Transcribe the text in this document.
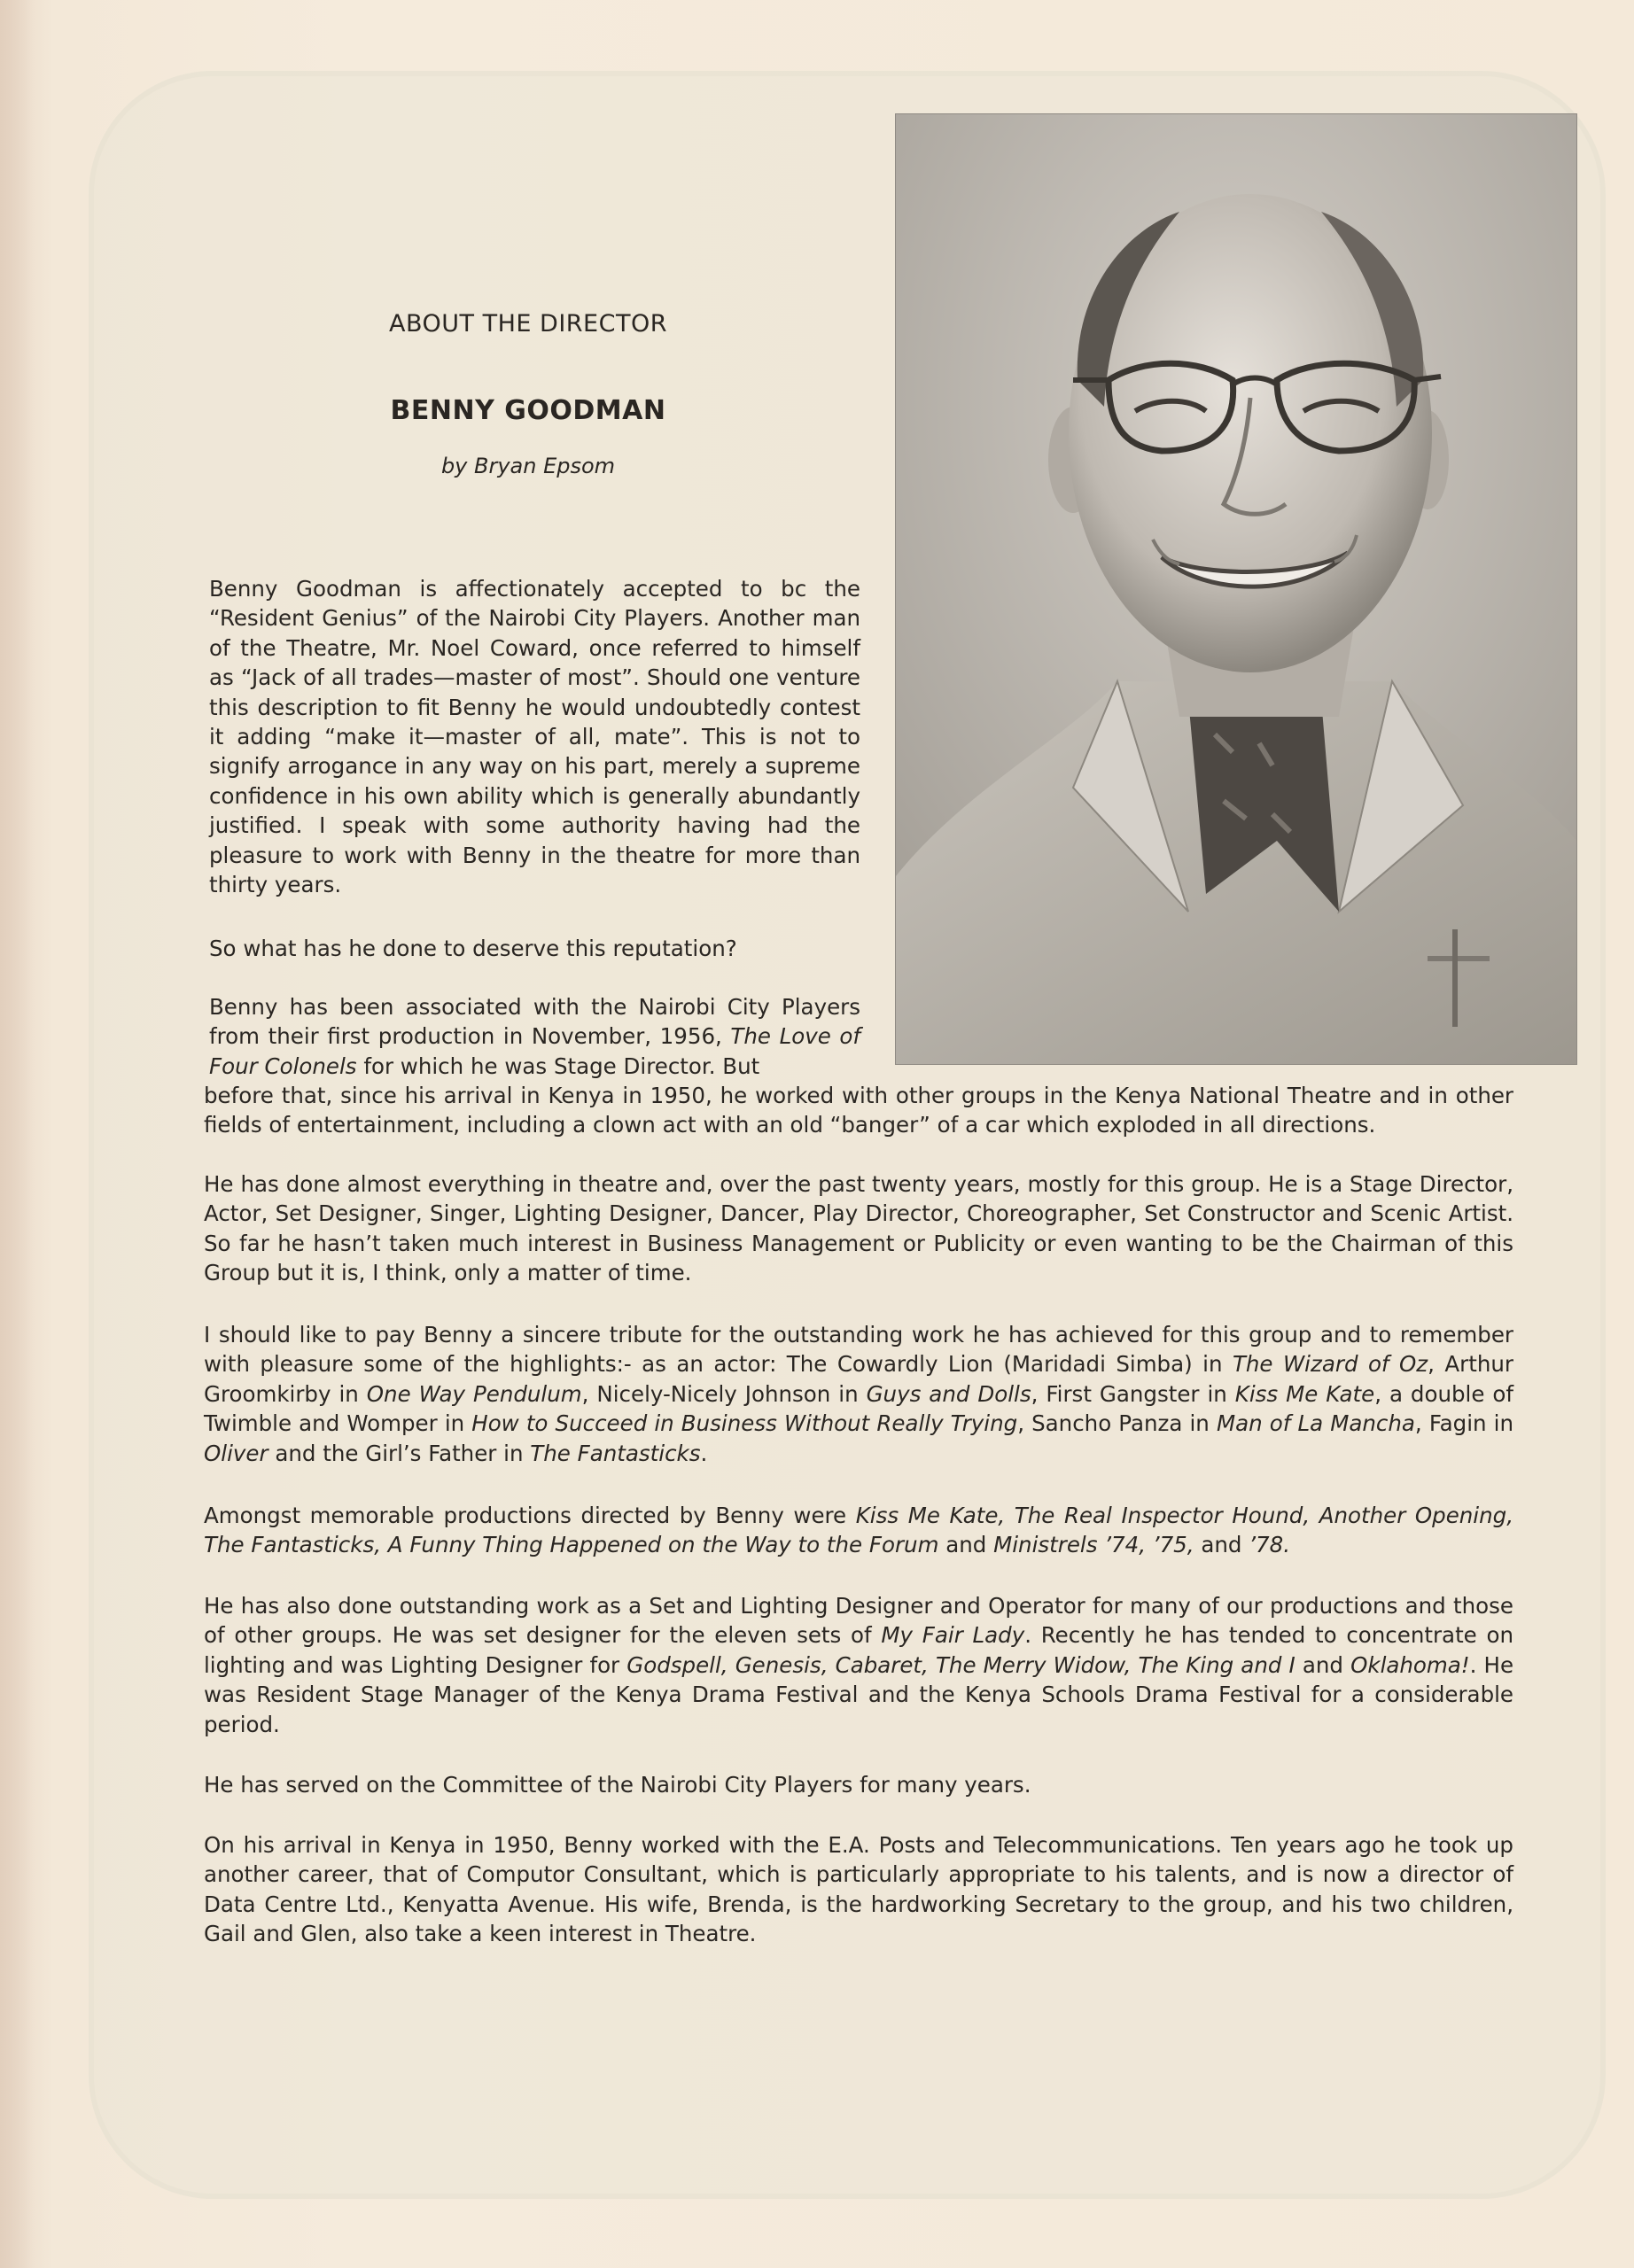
ABOUT THE DIRECTOR
BENNY GOODMAN
by Bryan Epsom

Benny Goodman is affectionately accepted to bc the “Resident Genius” of the Nairobi City Players. Another man of the Theatre, Mr. Noel Coward, once referred to himself as “Jack of all trades—master of most”. Should one venture this description to fit Benny he would undoubtedly contest it adding “make it—master of all, mate”. This is not to signify arrogance in any way on his part, merely a supreme confidence in his own ability which is generally abundantly justified. I speak with some authority having had the pleasure to work with Benny in the theatre for more than thirty years.

So what has he done to deserve this reputation?

Benny has been associated with the Nairobi City Players from their first production in November, 1956, The Love of Four Colonels for which he was Stage Director. But

before that, since his arrival in Kenya in 1950, he worked with other groups in the Kenya National Theatre and in other fields of entertainment, including a clown act with an old “banger” of a car which exploded in all directions.

He has done almost everything in theatre and, over the past twenty years, mostly for this group. He is a Stage Director, Actor, Set Designer, Singer, Lighting Designer, Dancer, Play Director, Choreographer, Set Constructor and Scenic Artist. So far he hasn’t taken much interest in Business Management or Publicity or even wanting to be the Chairman of this Group but it is, I think, only a matter of time.

I should like to pay Benny a sincere tribute for the outstanding work he has achieved for this group and to remember with pleasure some of the highlights:- as an actor: The Cowardly Lion (Maridadi Simba) in The Wizard of Oz, Arthur Groomkirby in One Way Pendulum, Nicely-Nicely Johnson in Guys and Dolls, First Gangster in Kiss Me Kate, a double of Twimble and Womper in How to Succeed in Business Without Really Trying, Sancho Panza in Man of La Mancha, Fagin in Oliver and the Girl’s Father in The Fantasticks.

Amongst memorable productions directed by Benny were Kiss Me Kate, The Real Inspector Hound, Another Opening, The Fantasticks, A Funny Thing Happened on the Way to the Forum and Ministrels ’74, ’75, and ’78.

He has also done outstanding work as a Set and Lighting Designer and Operator for many of our productions and those of other groups. He was set designer for the eleven sets of My Fair Lady. Recently he has tended to concentrate on lighting and was Lighting Designer for Godspell, Genesis, Cabaret, The Merry Widow, The King and I and Oklahoma!. He was Resident Stage Manager of the Kenya Drama Festival and the Kenya Schools Drama Festival for a considerable period.

He has served on the Committee of the Nairobi City Players for many years.

On his arrival in Kenya in 1950, Benny worked with the E.A. Posts and Telecommunications. Ten years ago he took up another career, that of Computor Consultant, which is particularly appropriate to his talents, and is now a director of Data Centre Ltd., Kenyatta Avenue. His wife, Brenda, is the hardworking Secretary to the group, and his two children, Gail and Glen, also take a keen interest in Theatre.
